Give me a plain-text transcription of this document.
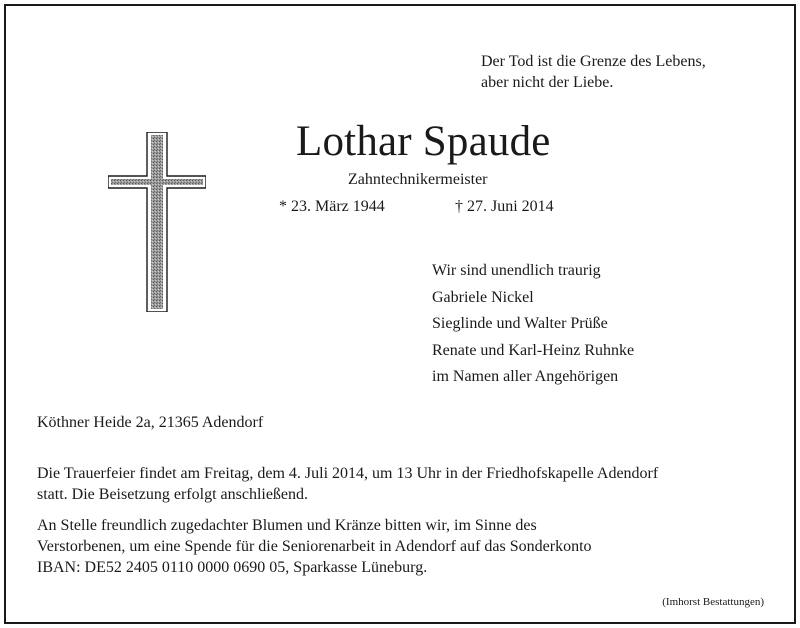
Der Tod ist die Grenze des Lebens,
aber nicht der Liebe.
Lothar Spaude
Zahntechnikermeister
* 23. März 1944	† 27. Juni 2014
Wir sind unendlich traurig
Gabriele Nickel
Sieglinde und Walter Prüße
Renate und Karl-Heinz Ruhnke
im Namen aller Angehörigen
Köthner Heide 2a, 21365 Adendorf
Die Trauerfeier findet am Freitag, dem 4. Juli 2014, um 13 Uhr in der Friedhofskapelle Adendorf
statt. Die Beisetzung erfolgt anschließend.
An Stelle freundlich zugedachter Blumen und Kränze bitten wir, im Sinne des
Verstorbenen, um eine Spende für die Seniorenarbeit in Adendorf auf das Sonderkonto
IBAN: DE52 2405 0110 0000 0690 05, Sparkasse Lüneburg.
(Imhorst Bestattungen)
